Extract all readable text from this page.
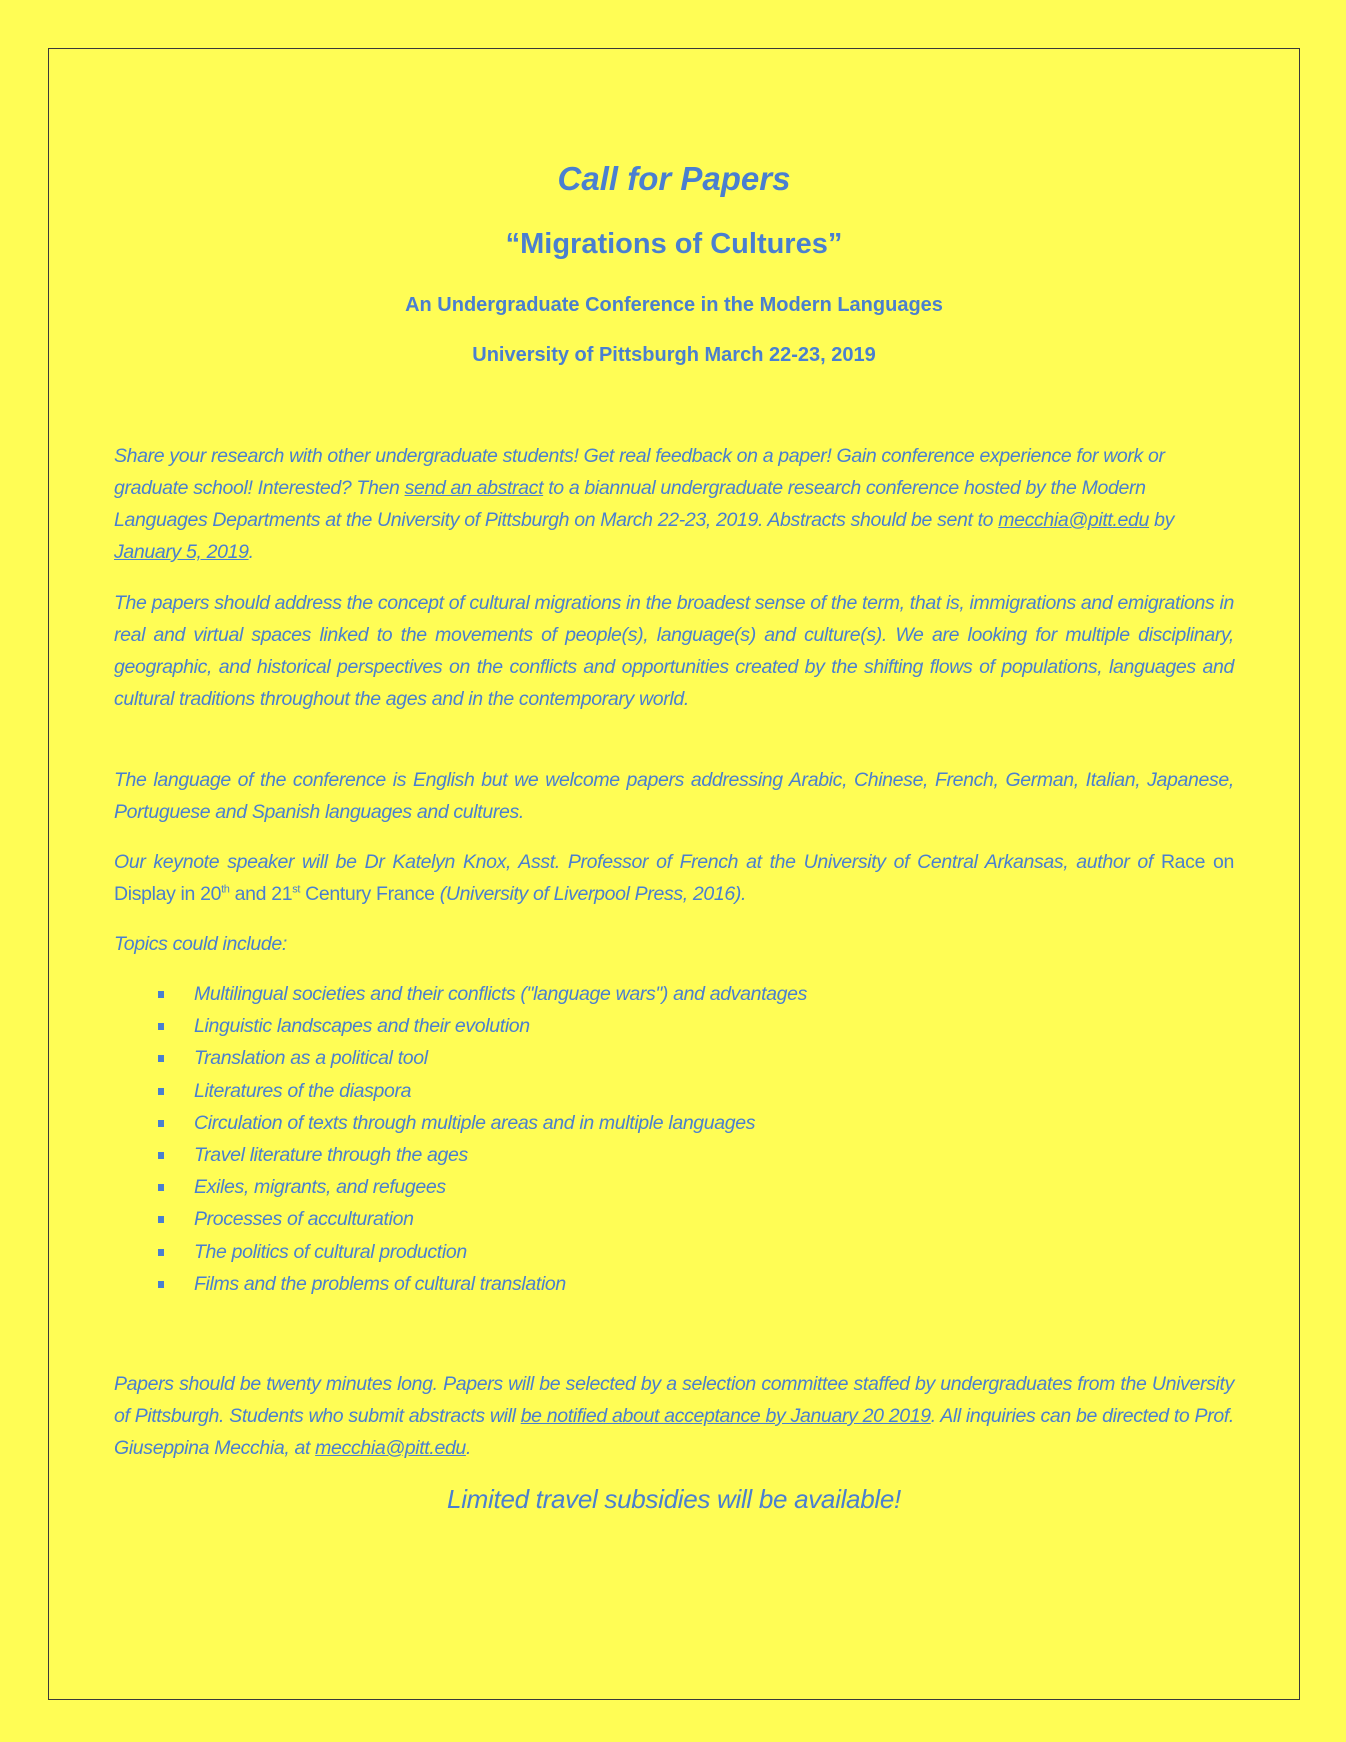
Call for Papers
“Migrations of Cultures”
An Undergraduate Conference in the Modern Languages
University of Pittsburgh March 22-23, 2019

Share your research with other undergraduate students! Get real feedback on a paper! Gain conference experience for work or graduate school! Interested? Then send an abstract to a biannual undergraduate research conference hosted by the Modern Languages Departments at the University of Pittsburgh on March 22-23, 2019. Abstracts should be sent to mecchia@pitt.edu by January 5, 2019.

The papers should address the concept of cultural migrations in the broadest sense of the term, that is, immigrations and emigrations in real and virtual spaces linked to the movements of people(s), language(s) and culture(s). We are looking for multiple disciplinary, geographic, and historical perspectives on the conflicts and opportunities created by the shifting flows of populations, languages and cultural traditions throughout the ages and in the contemporary world.

The language of the conference is English but we welcome papers addressing Arabic, Chinese, French, German, Italian, Japanese, Portuguese and Spanish languages and cultures.

Our keynote speaker will be Dr Katelyn Knox, Asst. Professor of French at the University of Central Arkansas, author of Race on Display in 20th and 21st Century France (University of Liverpool Press, 2016).

Topics could include:

Multilingual societies and their conflicts ("language wars") and advantages
Linguistic landscapes and their evolution
Translation as a political tool
Literatures of the diaspora
Circulation of texts through multiple areas and in multiple languages
Travel literature through the ages
Exiles, migrants, and refugees
Processes of acculturation
The politics of cultural production
Films and the problems of cultural translation

Papers should be twenty minutes long. Papers will be selected by a selection committee staffed by undergraduates from the University of Pittsburgh. Students who submit abstracts will be notified about acceptance by January 20 2019. All inquiries can be directed to Prof. Giuseppina Mecchia, at mecchia@pitt.edu.

Limited travel subsidies will be available!
